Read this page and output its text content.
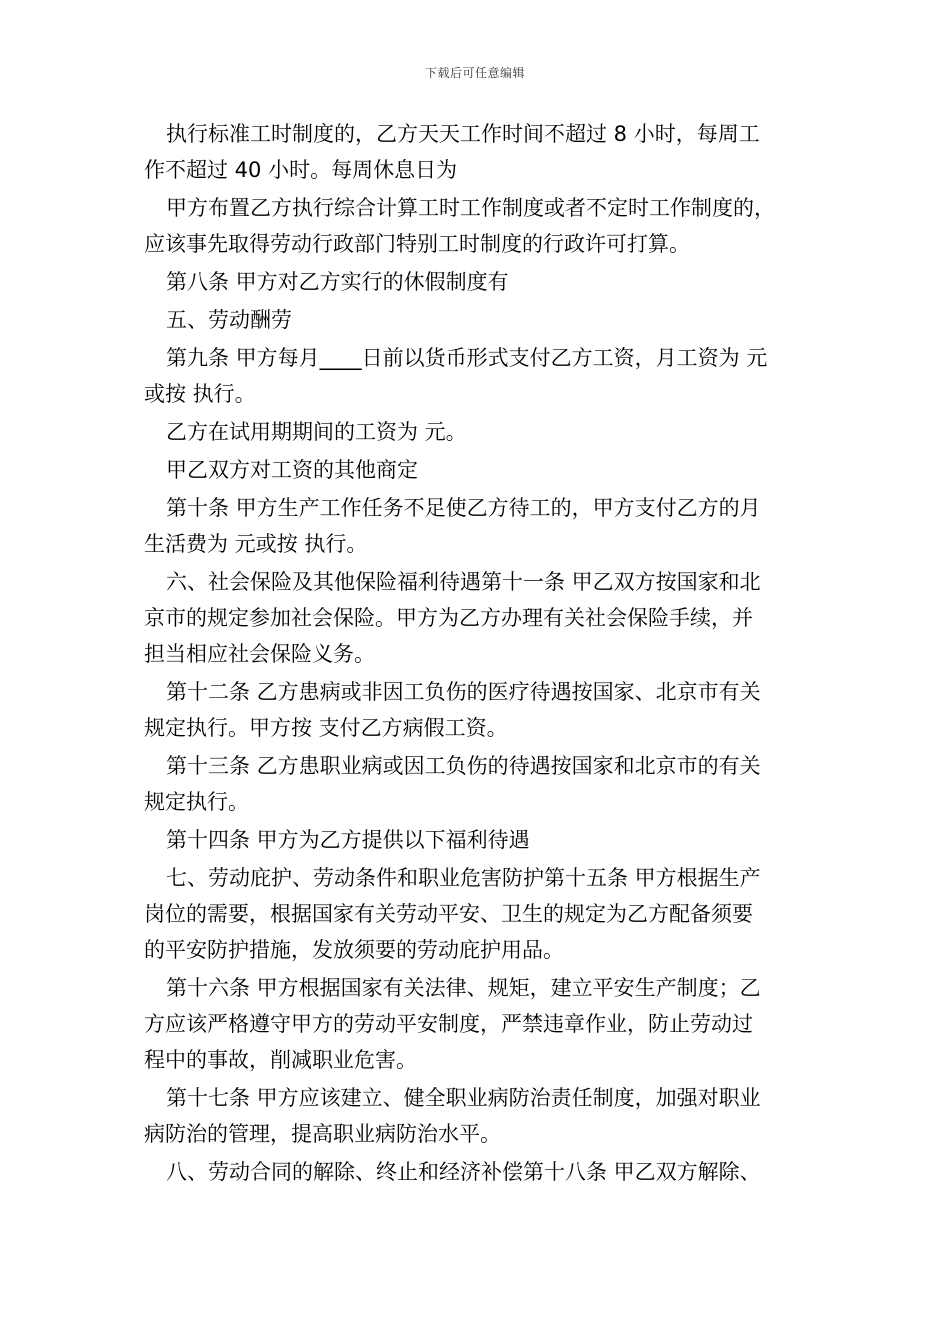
下载后可任意编辑

执行标准工时制度的，乙方天天工作时间不超过 8 小时，每周工
作不超过 40 小时。每周休息日为

甲方布置乙方执行综合计算工时工作制度或者不定时工作制度的，
应该事先取得劳动行政部门特别工时制度的行政许可打算。

第八条 甲方对乙方实行的休假制度有

五、劳动酬劳

第九条 甲方每月____日前以货币形式支付乙方工资，月工资为 元
或按 执行。

乙方在试用期期间的工资为 元。

甲乙双方对工资的其他商定

第十条 甲方生产工作任务不足使乙方待工的，甲方支付乙方的月
生活费为 元或按 执行。

六、社会保险及其他保险福利待遇第十一条 甲乙双方按国家和北
京市的规定参加社会保险。甲方为乙方办理有关社会保险手续，并
担当相应社会保险义务。

第十二条 乙方患病或非因工负伤的医疗待遇按国家、北京市有关
规定执行。甲方按 支付乙方病假工资。

第十三条 乙方患职业病或因工负伤的待遇按国家和北京市的有关
规定执行。

第十四条 甲方为乙方提供以下福利待遇

七、劳动庇护、劳动条件和职业危害防护第十五条 甲方根据生产
岗位的需要，根据国家有关劳动平安、卫生的规定为乙方配备须要
的平安防护措施，发放须要的劳动庇护用品。

第十六条 甲方根据国家有关法律、规矩，建立平安生产制度；乙
方应该严格遵守甲方的劳动平安制度，严禁违章作业，防止劳动过
程中的事故，削减职业危害。

第十七条 甲方应该建立、健全职业病防治责任制度，加强对职业
病防治的管理，提高职业病防治水平。

八、劳动合同的解除、终止和经济补偿第十八条 甲乙双方解除、
